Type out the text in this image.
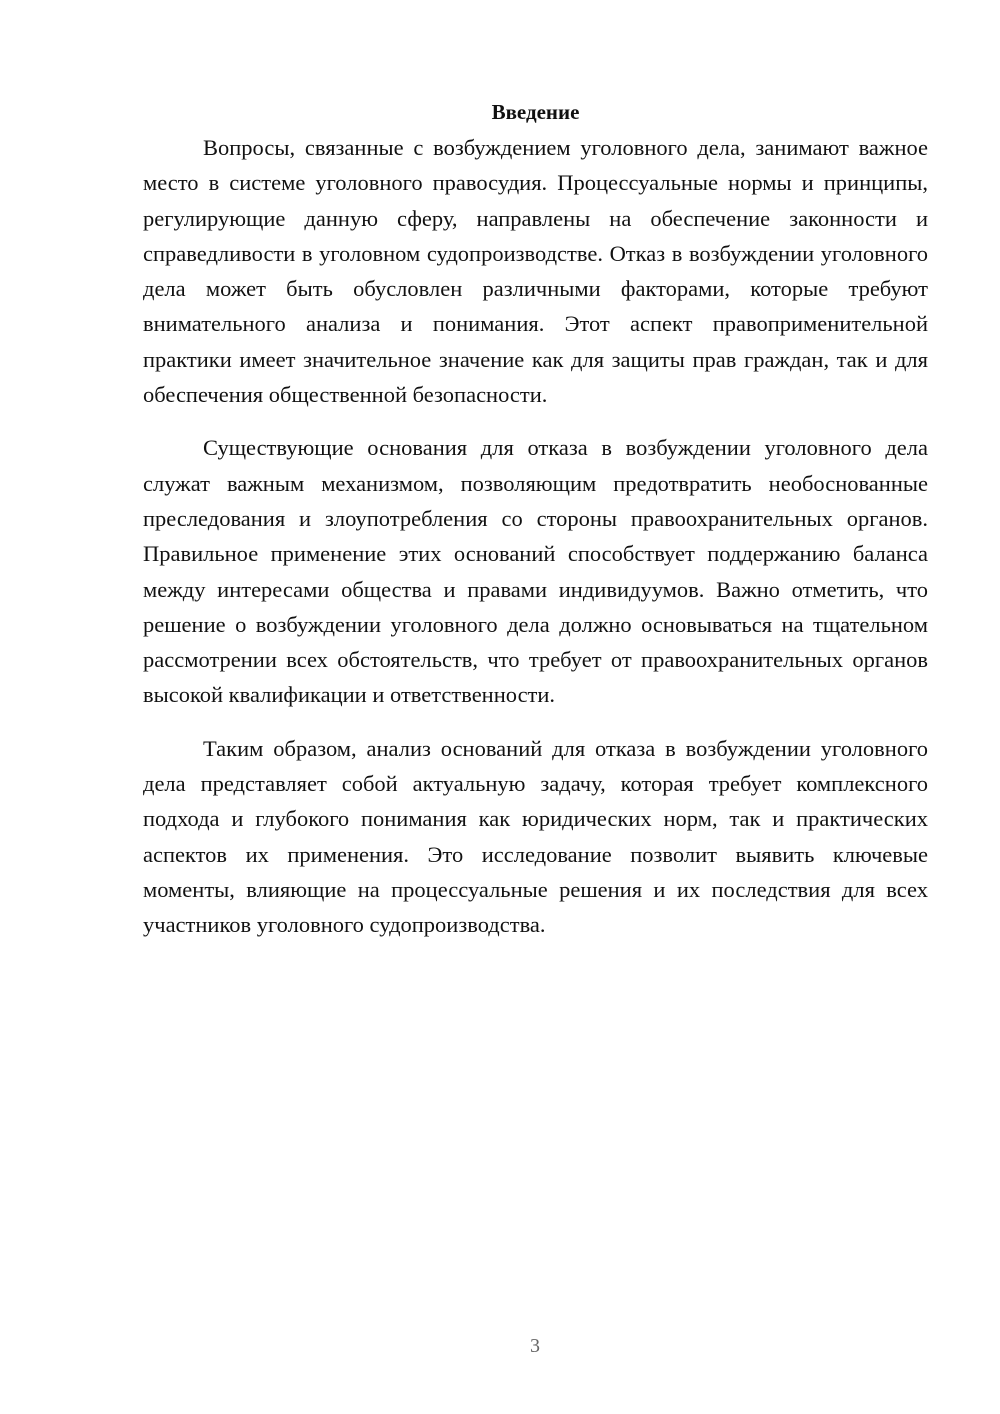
Введение

Вопросы, связанные с возбуждением уголовного дела, занимают важное место в системе уголовного правосудия. Процессуальные нормы и принципы, регулирующие данную сферу, направлены на обеспечение законности и справедливости в уголовном судопроизводстве. Отказ в возбуждении уголовного дела может быть обусловлен различными факторами, которые требуют внимательного анализа и понимания. Этот аспект правоприменительной практики имеет значительное значение как для защиты прав граждан, так и для обеспечения общественной безопасности.

Существующие основания для отказа в возбуждении уголовного дела служат важным механизмом, позволяющим предотвратить необоснованные преследования и злоупотребления со стороны правоохранительных органов. Правильное применение этих оснований способствует поддержанию баланса между интересами общества и правами индивидуумов. Важно отметить, что решение о возбуждении уголовного дела должно основываться на тщательном рассмотрении всех обстоятельств, что требует от правоохранительных органов высокой квалификации и ответственности.

Таким образом, анализ оснований для отказа в возбуждении уголовного дела представляет собой актуальную задачу, которая требует комплексного подхода и глубокого понимания как юридических норм, так и практических аспектов их применения. Это исследование позволит выявить ключевые моменты, влияющие на процессуальные решения и их последствия для всех участников уголовного судопроизводства.

3
